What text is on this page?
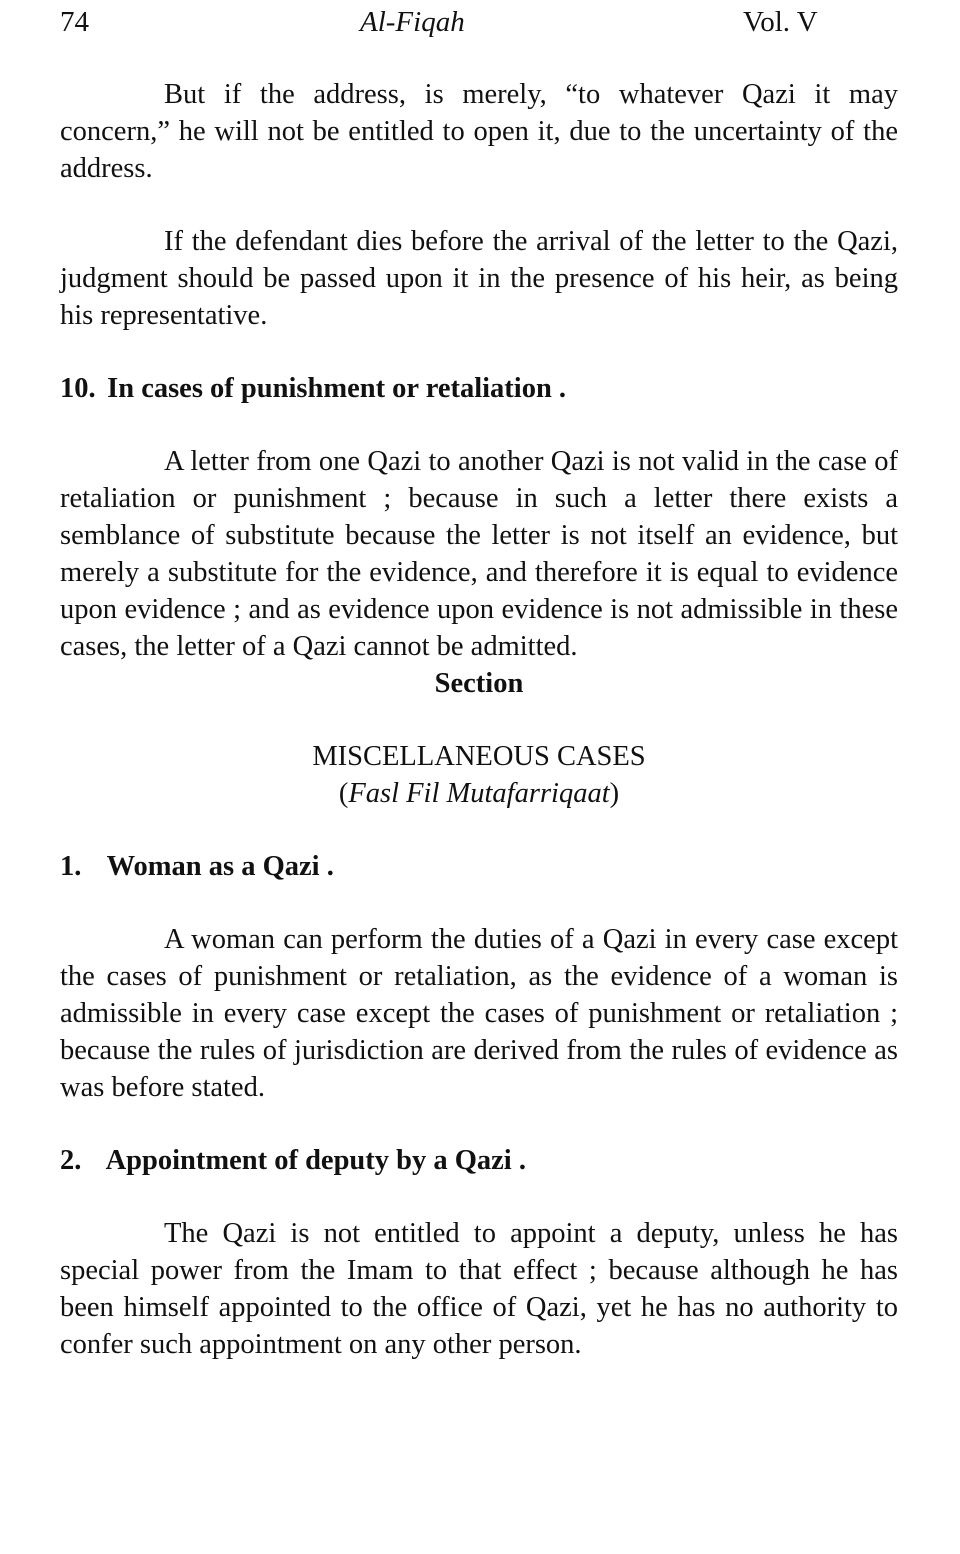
74	Al-Fiqah	Vol. V

But if the address, is merely, “to whatever Qazi it may concern,” he will not be entitled to open it, due to the uncertainty of the address.

If the defendant dies before the arrival of the letter to the Qazi, judgment should be passed upon it in the presence of his heir, as being his representative.

10. In cases of punishment or retaliation .

A letter from one Qazi to another Qazi is not valid in the case of retaliation or punishment ; because in such a letter there exists a semblance of substitute because the letter is not itself an evidence, but merely a substitute for the evidence, and therefore it is equal to evidence upon evidence ; and as evidence upon evidence is not admissible in these cases, the letter of a Qazi cannot be admitted.

Section

MISCELLANEOUS CASES

(Fasl Fil Mutafarriqaat)

1. Woman as a Qazi .

A woman can perform the duties of a Qazi in every case except the cases of punishment or retaliation, as the evidence of a woman is admissible in every case except the cases of punishment or retaliation ; because the rules of jurisdiction are derived from the rules of evidence as was before stated.

2. Appointment of deputy by a Qazi .

The Qazi is not entitled to appoint a deputy, unless he has special power from the Imam to that effect ; because although he has been himself appointed to the office of Qazi, yet he has no authority to confer such appointment on any other person.
